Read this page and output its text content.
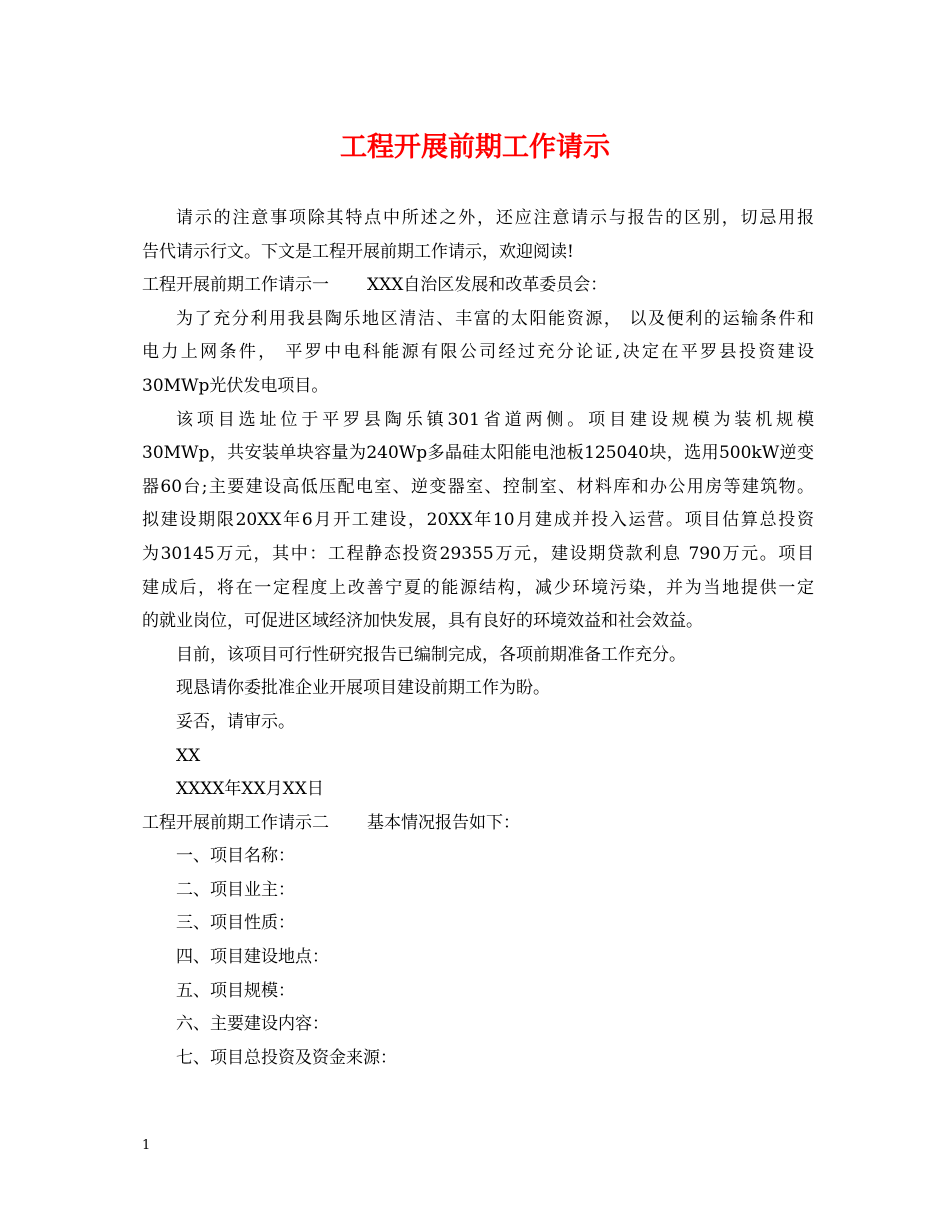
工程开展前期工作请示

请示的注意事项除其特点中所述之外，还应注意请示与报告的区别，切忌用报

告代请示行文。下文是工程开展前期工作请示，欢迎阅读!

工程开展前期工作请示一 XXX自治区发展和改革委员会：

为了充分利用我县陶乐地区清洁、丰富的太阳能资源， 以及便利的运输条件和

电力上网条件， 平罗中电科能源有限公司经过充分论证,决定在平罗县投资建设

30MWp光伏发电项目。

该项目选址位于平罗县陶乐镇301省道两侧。项目建设规模为装机规模

30MWp，共安装单块容量为240Wp多晶硅太阳能电池板125040块，选用500kW逆变

器60台;主要建设高低压配电室、逆变器室、控制室、材料库和办公用房等建筑物。

拟建设期限20XX年6月开工建设，20XX年10月建成并投入运营。项目估算总投资

为30145万元，其中：工程静态投资29355万元，建设期贷款利息 790万元。项目

建成后，将在一定程度上改善宁夏的能源结构，减少环境污染，并为当地提供一定

的就业岗位，可促进区域经济加快发展，具有良好的环境效益和社会效益。

目前，该项目可行性研究报告已编制完成，各项前期准备工作充分。

现恳请你委批准企业开展项目建设前期工作为盼。

妥否，请审示。

XX

XXXX年XX月XX日

工程开展前期工作请示二 基本情况报告如下：

一、项目名称：

二、项目业主：

三、项目性质：

四、项目建设地点：

五、项目规模：

六、主要建设内容：

七、项目总投资及资金来源：

1
